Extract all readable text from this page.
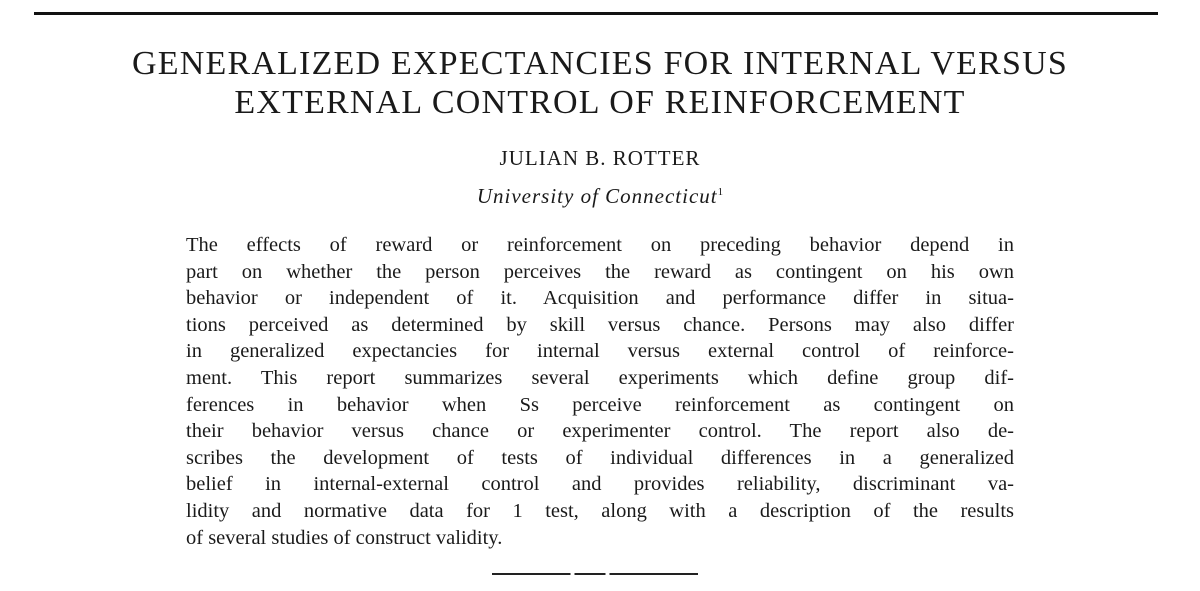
GENERALIZED EXPECTANCIES FOR INTERNAL VERSUS
EXTERNAL CONTROL OF REINFORCEMENT

JULIAN B. ROTTER

University of Connecticut$^1$

The effects of reward or reinforcement on preceding behavior depend in
part on whether the person perceives the reward as contingent on his own
behavior or independent of it. Acquisition and performance differ in situa-
tions perceived as determined by skill versus chance. Persons may also differ
in generalized expectancies for internal versus external control of reinforce-
ment. This report summarizes several experiments which define group dif-
ferences in behavior when Ss perceive reinforcement as contingent on
their behavior versus chance or experimenter control. The report also de-
scribes the development of tests of individual differences in a generalized
belief in internal-external control and provides reliability, discriminant va-
lidity and normative data for 1 test, along with a description of the results
of several studies of construct validity.
